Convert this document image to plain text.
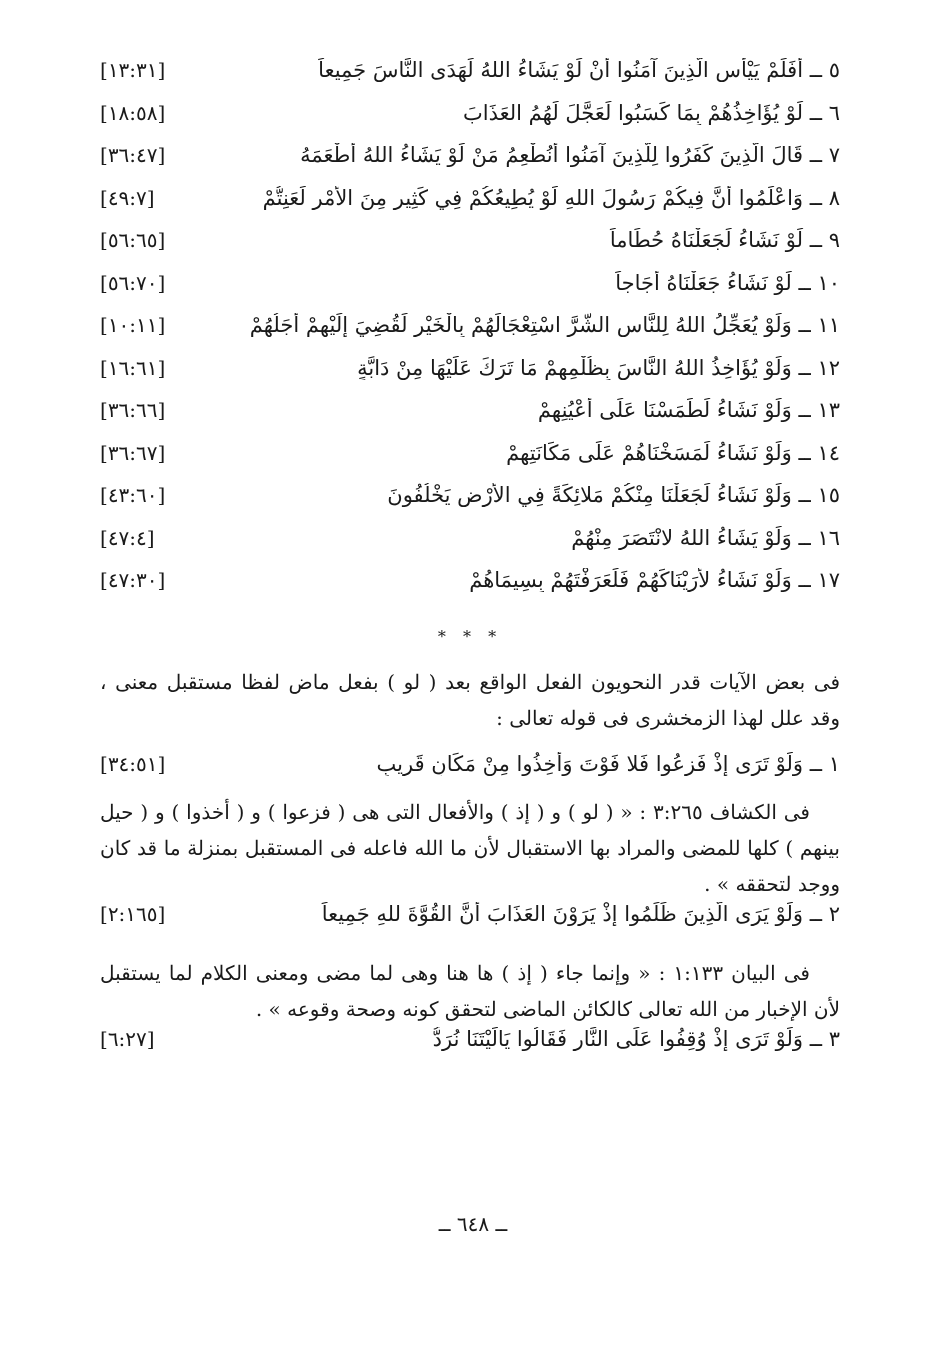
٥ ــ أَفَلَمْ يَيْأَسِ الَّذِينَ آمَنُوا أَنْ لَوْ يَشَاءُ اللهُ لَهَدَى النَّاسَ جَمِيعاً
[١٣:٣١]
٦ ــ لَوْ يُؤَاخِذُهُمْ بِمَا كَسَبُوا لَعَجَّلَ لَهُمُ العَذَابَ
[١٨:٥٨]
٧ ــ قَالَ الَّذِينَ كَفَرُوا لِلَّذِينَ آمَنُوا أَنُطْعِمُ مَنْ لَوْ يَشَاءُ اللهُ أَطْعَمَهُ
[٣٦:٤٧]
٨ ــ وَاعْلَمُوا أَنَّ فِيكُمْ رَسُولَ اللهِ لَوْ يُطِيعُكُمْ فِي كَثِيرٍ مِنَ الأَمْرِ لَعَنِتُّمْ
[٤٩:٧]
٩ ــ لَوْ نَشَاءُ لَجَعَلْنَاهُ حُطَاماً
[٥٦:٦٥]
١٠ ــ لَوْ نَشَاءُ جَعَلْنَاهُ أُجَاجاً
[٥٦:٧٠]
١١ ــ وَلَوْ يُعَجِّلُ اللهُ لِلنَّاسِ الشَّرَّ اسْتِعْجَالَهُمْ بِالْخَيْرِ لَقُضِيَ إِلَيْهِمْ أَجَلُهُمْ
[١٠:١١]
١٢ ــ وَلَوْ يُؤَاخِذُ اللهُ النَّاسَ بِظُلْمِهِمْ مَا تَرَكَ عَلَيْهَا مِنْ دَابَّةٍ
[١٦:٦١]
١٣ ــ وَلَوْ نَشَاءُ لَطَمَسْنَا عَلَى أَعْيُنِهِمْ
[٣٦:٦٦]
١٤ ــ وَلَوْ نَشَاءُ لَمَسَخْنَاهُمْ عَلَى مَكَانَتِهِمْ
[٣٦:٦٧]
١٥ ــ وَلَوْ نَشَاءُ لَجَعَلْنَا مِنْكُمْ مَلائِكَةً فِي الأَرْضِ يَخْلُفُونَ
[٤٣:٦٠]
١٦ ــ وَلَوْ يَشَاءُ اللهُ لانْتَصَرَ مِنْهُمْ
[٤٧:٤]
١٧ ــ وَلَوْ نَشَاءُ لأَرَيْنَاكَهُمْ فَلَعَرَفْتَهُمْ بِسِيمَاهُمْ
[٤٧:٣٠]
* * *

فى بعض الآيات قدر النحويون الفعل الواقع بعد ( لو ) بفعل ماض لفظا مستقبل معنى ، وقد علل لهذا الزمخشرى فى قوله تعالى :

١ ــ وَلَوْ تَرَى إِذْ فَزِعُوا فَلا فَوْتَ وَأُخِذُوا مِنْ مَكَانٍ قَرِيبٍ
[٣٤:٥١]

فى الكشاف ٣:٢٦٥ : « ( لو ) و ( إذ ) والأفعال التى هى ( فزعوا ) و ( أخذوا ) و ( حيل بينهم ) كلها للمضى والمراد بها الاستقبال لأن ما الله فاعله فى المستقبل بمنزلة ما قد كان ووجد لتحققه » .

٢ ــ وَلَوْ يَرَى الَّذِينَ ظَلَمُوا إِذْ يَرَوْنَ العَذَابَ أَنَّ القُوَّةَ للهِ جَمِيعاً
[٢:١٦٥]

فى البيان ١:١٣٣ : « وإنما جاء ( إذ ) ها هنا وهى لما مضى ومعنى الكلام لما يستقبل لأن الإخبار من الله تعالى كالكائن الماضى لتحقق كونه وصحة وقوعه » .

٣ ــ وَلَوْ تَرَى إِذْ وُقِفُوا عَلَى النَّارِ فَقَالُوا يَالَيْتَنَا نُرَدُّ
[٦:٢٧]
ــ ٦٤٨ ــ
